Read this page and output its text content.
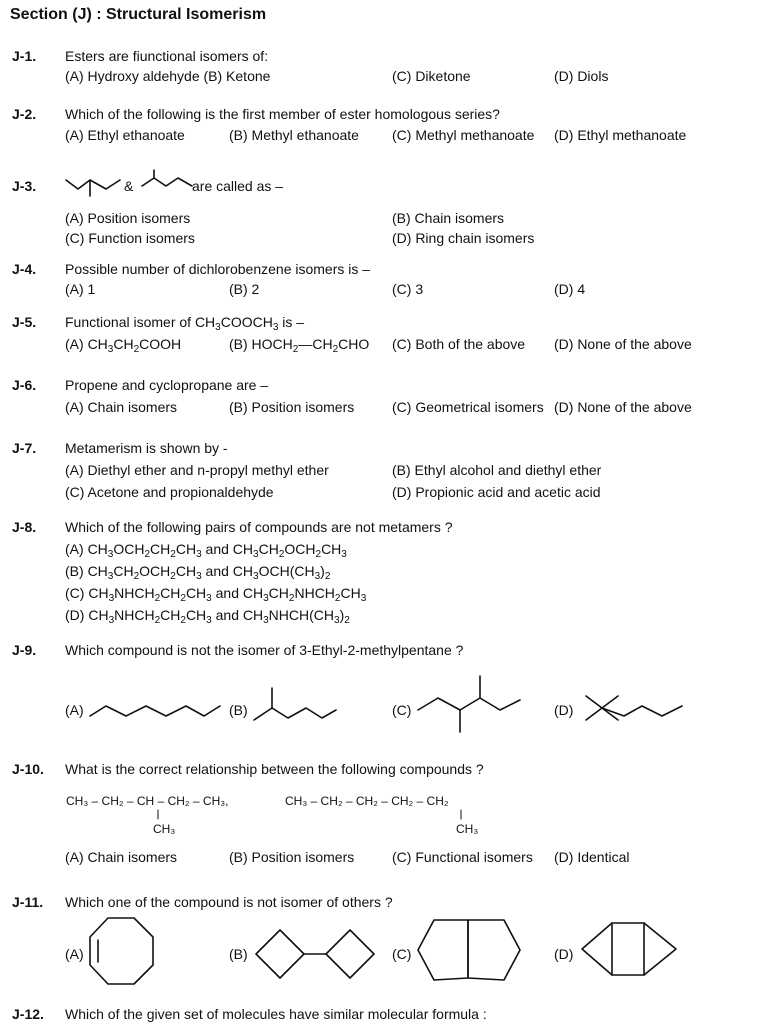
Section (J) : Structural Isomerism
J-1. Esters are fiunctional isomers of:
(A) Hydroxy aldehyde (B) Ketone	(C) Diketone	(D) Diols
J-2. Which of the following is the first member of ester homologous series?
(A) Ethyl ethanoate	(B) Methyl ethanoate (C) Methyl methanoate (D) Ethyl methanoate
J-3.	&	are called as –
(A) Position isomers	(B) Chain isomers
(C) Function isomers	(D) Ring chain isomers
J-4. Possible number of dichlorobenzene isomers is –
(A) 1	(B) 2	(C) 3	(D) 4
J-5. Functional isomer of $CH_3COOCH_3$ is –
(A) $CH_3CH_2COOH$	(B) $HOCH_2—CH_2CHO$ (C) Both of the above (D) None of the above
J-6. Propene and cyclopropane are –
(A) Chain isomers	(B) Position isomers	(C) Geometrical isomers (D) None of the above
J-7. Metamerism is shown by -
(A) Diethyl ether and n-propyl methyl ether	(B) Ethyl alcohol and diethyl ether
(C) Acetone and propionaldehyde	(D) Propionic acid and acetic acid
J-8. Which of the following pairs of compounds are not metamers ?
(A) $CH_3OCH_2CH_2CH_3$ and $CH_3CH_2OCH_2CH_3$
(B) $CH_3CH_2OCH_2CH_3$ and $CH_3OCH(CH_3)_2$
(C) $CH_3NHCH_2CH_2CH_3$ and $CH_3CH_2NHCH_2CH_3$
(D) $CH_3NHCH_2CH_2CH_3$ and $CH_3NHCH(CH_3)_2$
J-9. Which compound is not the isomer of 3-Ethyl-2-methylpentane ?
(A)	(B)	(C)	(D)
J-10. What is the correct relationship between the following compounds ?
CH₃ – CH₂ – CH – CH₂ – CH₃,
CH₃
CH₃ – CH₂ – CH₂ – CH₂ – CH₂
CH₃
(A) Chain isomers	(B) Position isomers	(C) Functional isomers (D) Identical
J-11. Which one of the compound is not isomer of others ?
(A)	(B)	(C)	(D)
J-12. Which of the given set of molecules have similar molecular formula :
